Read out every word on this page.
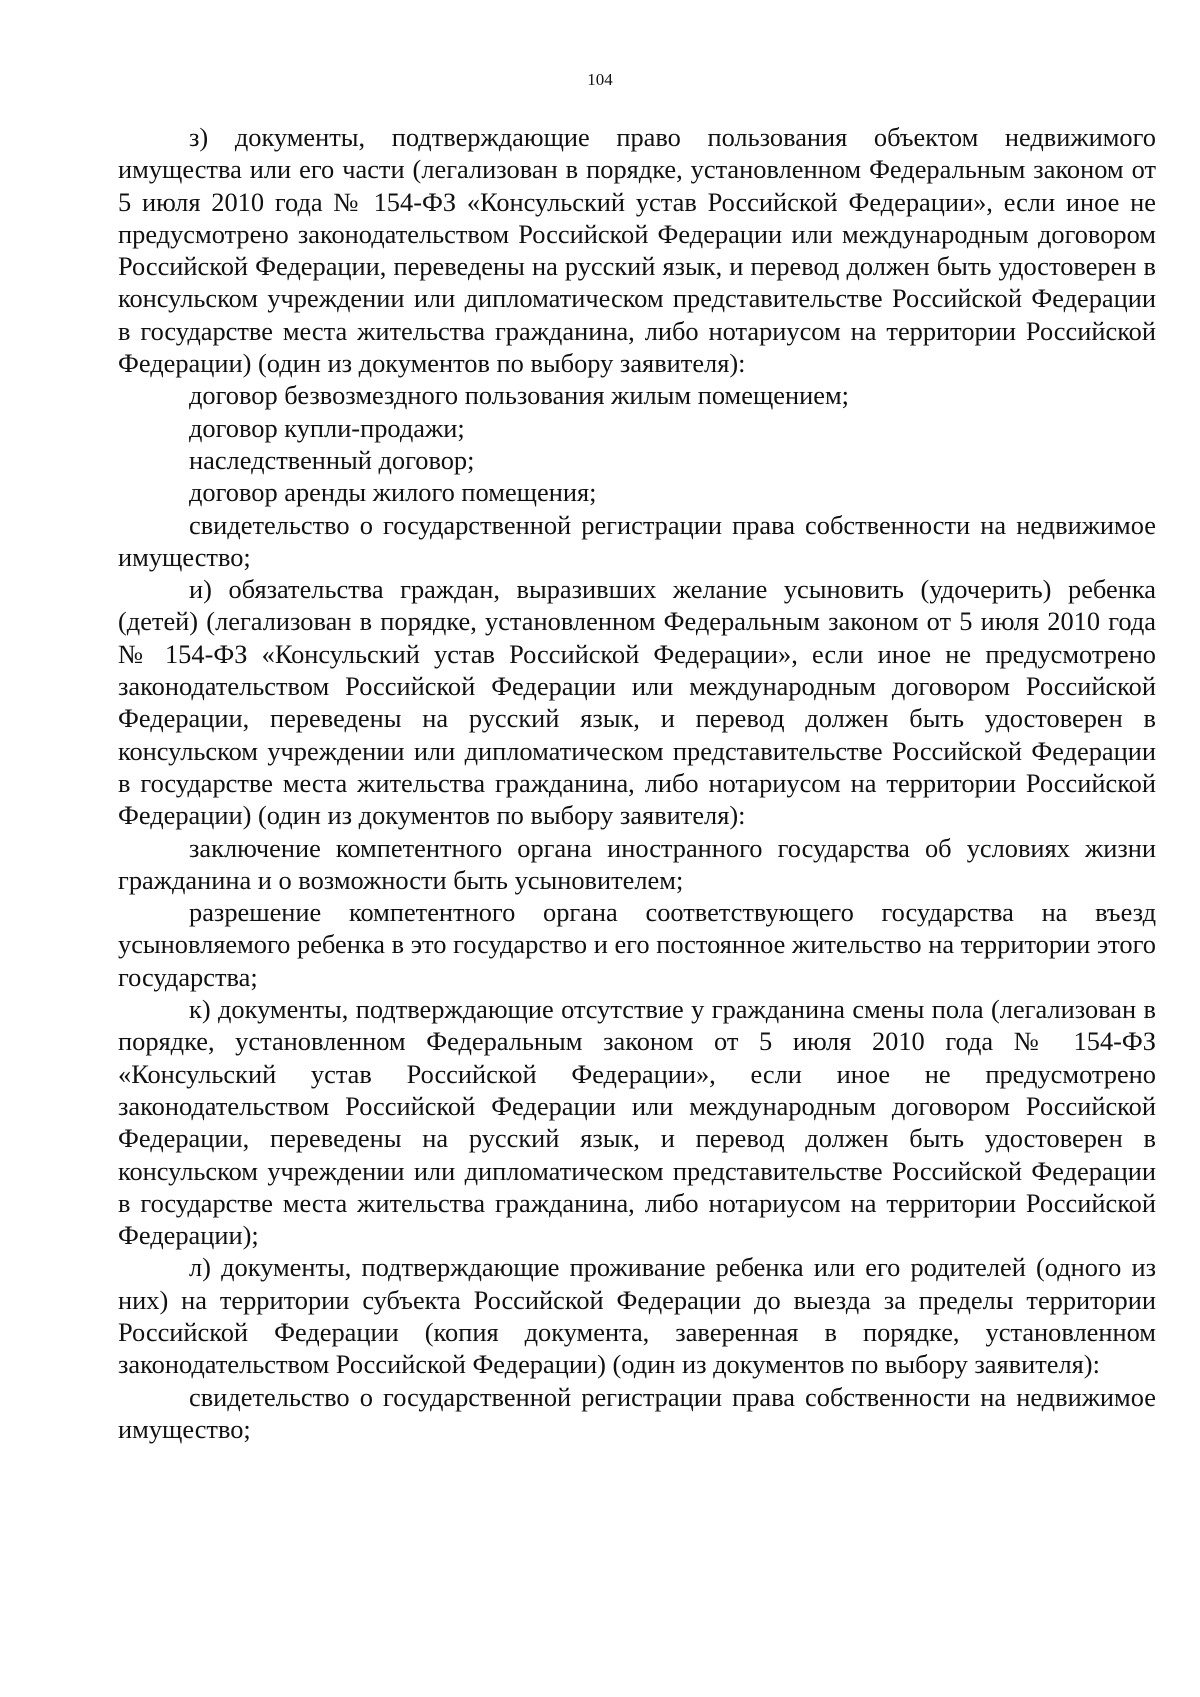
104

з) документы, подтверждающие право пользования объектом недвижимого имущества или его части (легализован в порядке, установленном Федеральным законом от 5 июля 2010 года № 154-ФЗ «Консульский устав Российской Федерации», если иное не предусмотрено законодательством Российской Федерации или международным договором Российской Федерации, переведены на русский язык, и перевод должен быть удостоверен в консульском учреждении или дипломатическом представительстве Российской Федерации в государстве места жительства гражданина, либо нотариусом на территории Российской Федерации) (один из документов по выбору заявителя):

договор безвозмездного пользования жилым помещением;

договор купли-продажи;

наследственный договор;

договор аренды жилого помещения;

свидетельство о государственной регистрации права собственности на недвижимое имущество;

и) обязательства граждан, выразивших желание усыновить (удочерить) ребенка (детей) (легализован в порядке, установленном Федеральным законом от 5 июля 2010 года № 154-ФЗ «Консульский устав Российской Федерации», если иное не предусмотрено законодательством Российской Федерации или международным договором Российской Федерации, переведены на русский язык, и перевод должен быть удостоверен в консульском учреждении или дипломатическом представительстве Российской Федерации в государстве места жительства гражданина, либо нотариусом на территории Российской Федерации) (один из документов по выбору заявителя):

заключение компетентного органа иностранного государства об условиях жизни гражданина и о возможности быть усыновителем;

разрешение компетентного органа соответствующего государства на въезд усыновляемого ребенка в это государство и его постоянное жительство на территории этого государства;

к) документы, подтверждающие отсутствие у гражданина смены пола (легализован в порядке, установленном Федеральным законом от 5 июля 2010 года № 154-ФЗ «Консульский устав Российской Федерации», если иное не предусмотрено законодательством Российской Федерации или международным договором Российской Федерации, переведены на русский язык, и перевод должен быть удостоверен в консульском учреждении или дипломатическом представительстве Российской Федерации в государстве места жительства гражданина, либо нотариусом на территории Российской Федерации);

л) документы, подтверждающие проживание ребенка или его родителей (одного из них) на территории субъекта Российской Федерации до выезда за пределы территории Российской Федерации (копия документа, заверенная в порядке, установленном законодательством Российской Федерации) (один из документов по выбору заявителя):

свидетельство о государственной регистрации права собственности на недвижимое имущество;
